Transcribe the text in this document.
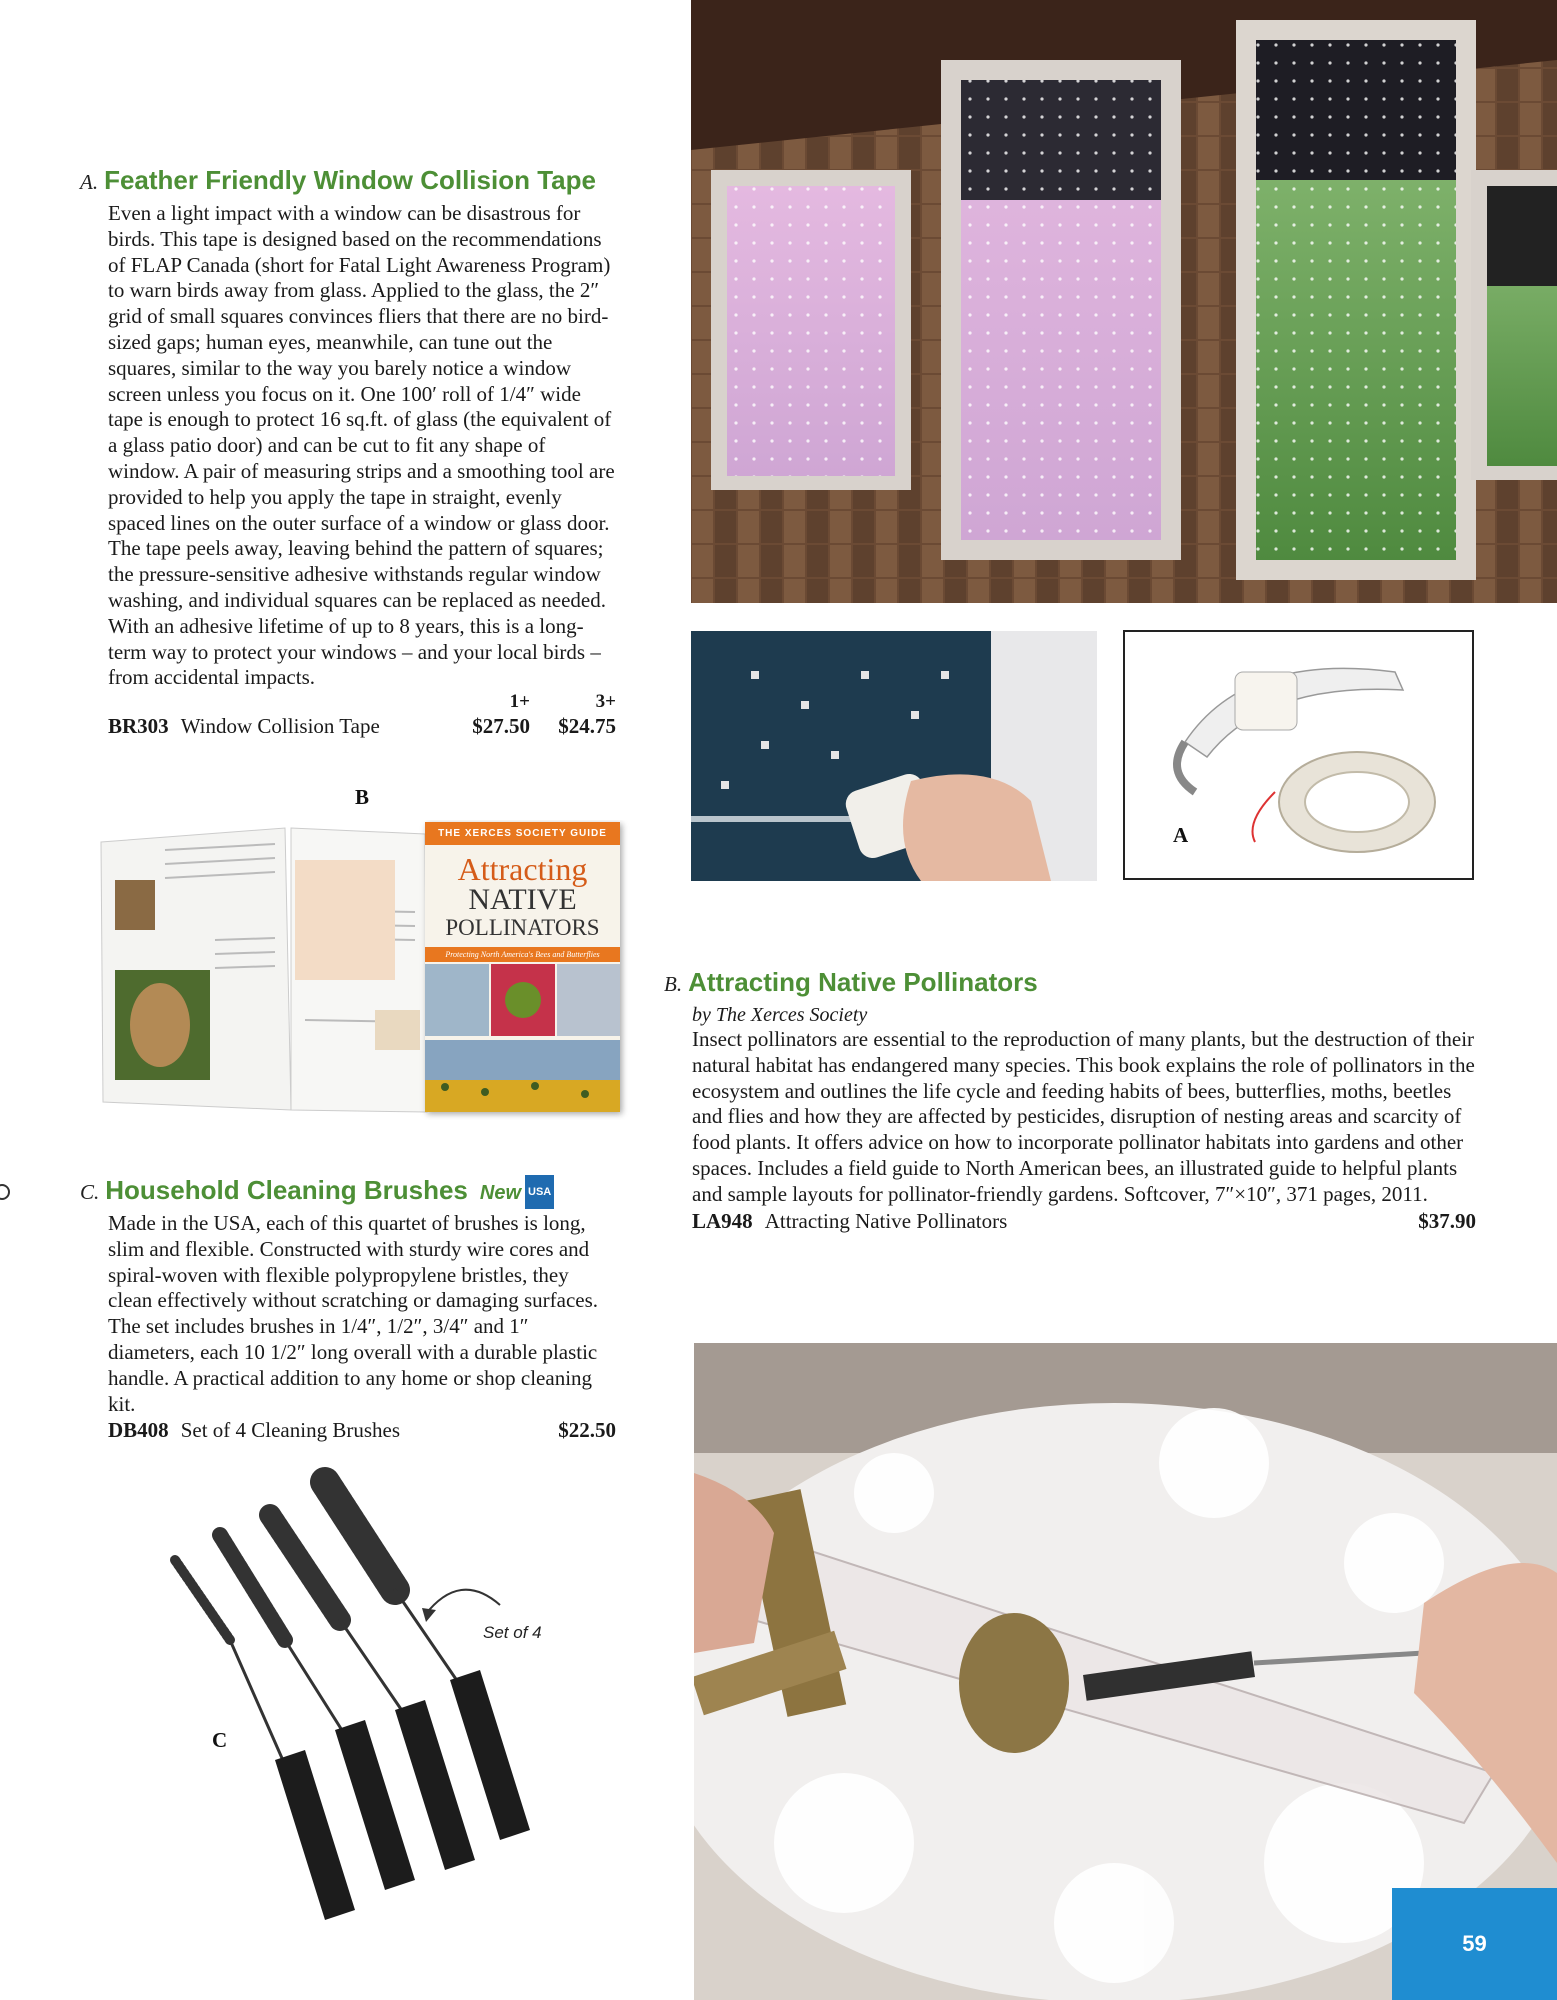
A. Feather Friendly Window Collision Tape

Even a light impact with a window can be disastrous for birds. This tape is designed based on the recommendations of FLAP Canada (short for Fatal Light Awareness Program) to warn birds away from glass. Applied to the glass, the 2″ grid of small squares convinces fliers that there are no bird-sized gaps; human eyes, meanwhile, can tune out the squares, similar to the way you barely notice a window screen unless you focus on it. One 100′ roll of 1/4″ wide tape is enough to protect 16 sq.ft. of glass (the equivalent of a glass patio door) and can be cut to fit any shape of window. A pair of measuring strips and a smoothing tool are provided to help you apply the tape in straight, evenly spaced lines on the outer surface of a window or glass door. The tape peels away, leaving behind the pattern of squares; the pressure-sensitive adhesive withstands regular window washing, and individual squares can be replaced as needed. With an adhesive lifetime of up to 8 years, this is a long-term way to protect your windows – and your local birds – from accidental impacts.

1+	3+
BR303 Window Collision Tape	$27.50	$24.75
A
B
THE XERCES SOCIETY GUIDE
Attracting
NATIVE
POLLINATORS
Protecting North America's Bees and Butterflies
B. Attracting Native Pollinators
by The Xerces Society

Insect pollinators are essential to the reproduction of many plants, but the destruction of their natural habitat has endangered many species. This book explains the role of pollinators in the ecosystem and outlines the life cycle and feeding habits of bees, butterflies, moths, beetles and flies and how they are affected by pesticides, disruption of nesting areas and scarcity of food plants. It offers advice on how to incorporate pollinator habitats into gardens and other spaces. Includes a field guide to North American bees, an illustrated guide to helpful plants and sample layouts for pollinator-friendly gardens. Softcover, 7″×10″, 371 pages, 2011.

LA948 Attracting Native Pollinators	$37.90
C. Household Cleaning Brushes New USA

Made in the USA, each of this quartet of brushes is long, slim and flexible. Constructed with sturdy wire cores and spiral-woven with flexible polypropylene bristles, they clean effectively without scratching or damaging surfaces. The set includes brushes in 1/4″, 1/2″, 3/4″ and 1″ diameters, each 10 1/2″ long overall with a durable plastic handle. A practical addition to any home or shop cleaning kit.

DB408 Set of 4 Cleaning Brushes	$22.50
Set of 4
C
59
